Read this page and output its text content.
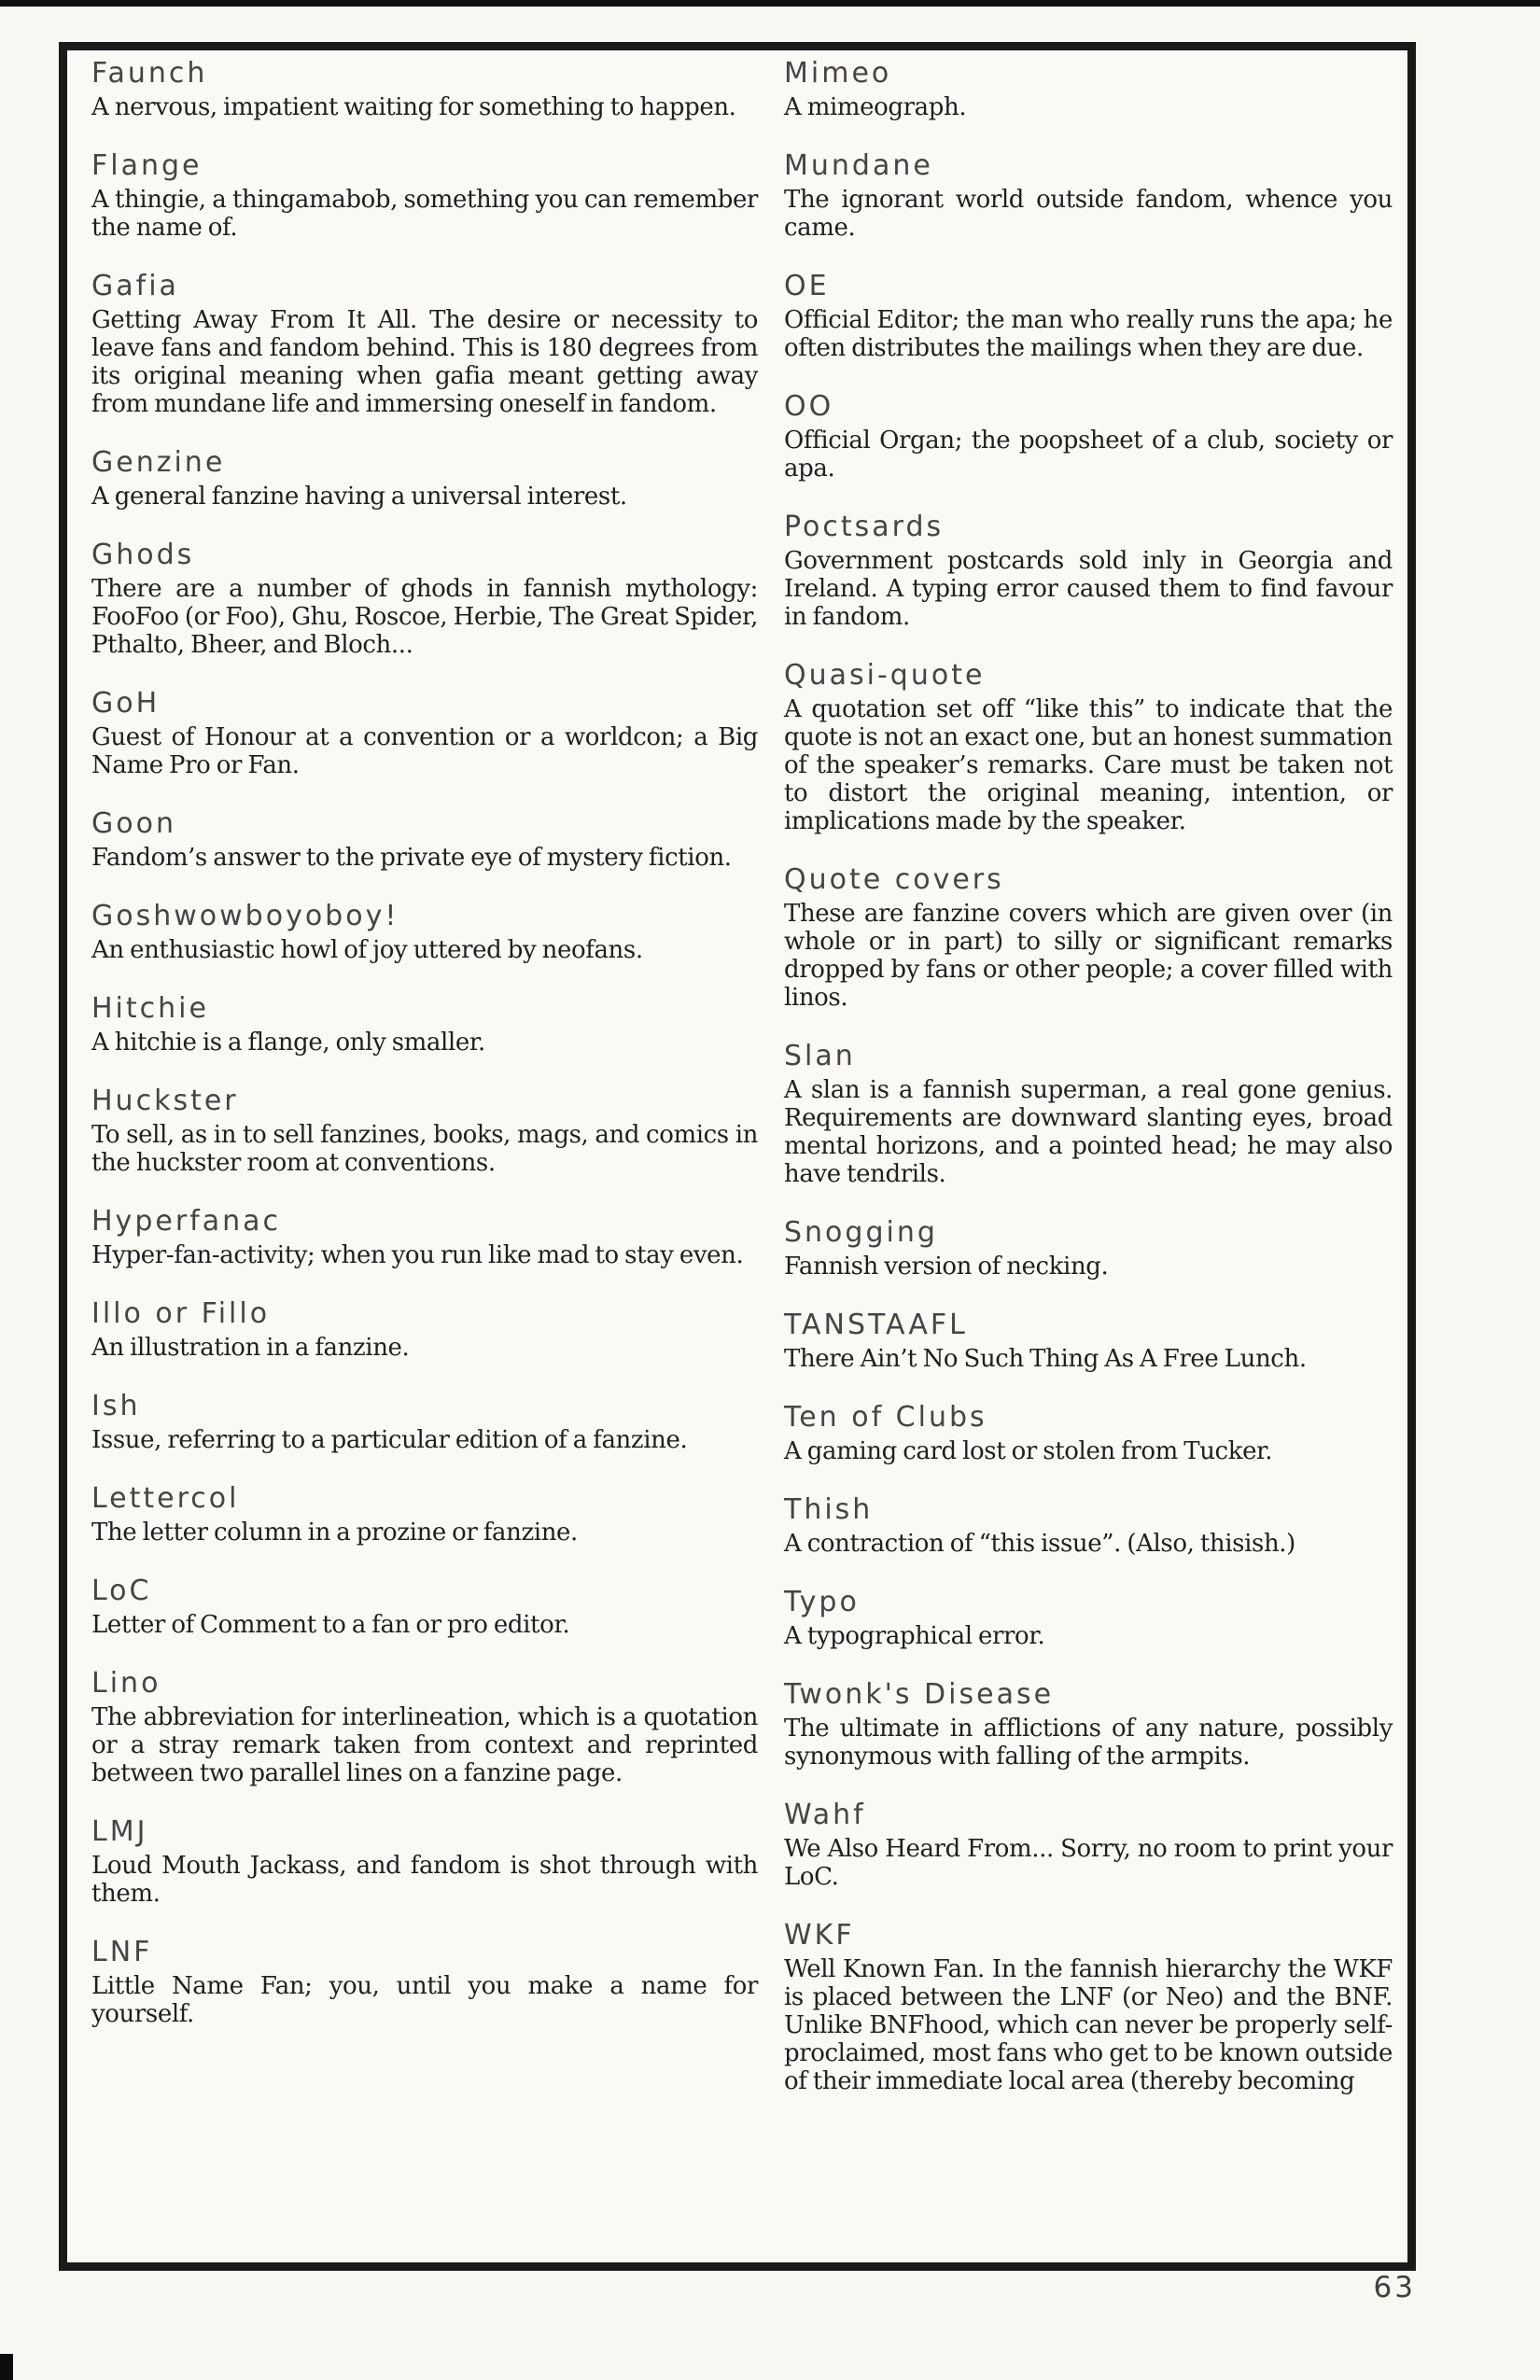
Faunch

A nervous, impatient waiting for something to happen.

Flange

A thingie, a thingamabob, something you can remember the name of.

Gafia

Getting Away From It All. The desire or necessity to leave fans and fandom behind. This is 180 degrees from its original meaning when gafia meant getting away from mundane life and immersing oneself in fandom.

Genzine

A general fanzine having a universal interest.

Ghods

There are a number of ghods in fannish mythology: FooFoo (or Foo), Ghu, Roscoe, Herbie, The Great Spider, Pthalto, Bheer, and Bloch...

GoH

Guest of Honour at a convention or a worldcon; a Big Name Pro or Fan.

Goon

Fandom’s answer to the private eye of mystery fiction.

Goshwowboyoboy!

An enthusiastic howl of joy uttered by neofans.

Hitchie

A hitchie is a flange, only smaller.

Huckster

To sell, as in to sell fanzines, books, mags, and comics in the huckster room at conventions.

Hyperfanac

Hyper-fan-activity; when you run like mad to stay even.

Illo or Fillo

An illustration in a fanzine.

Ish

Issue, referring to a particular edition of a fanzine.

Lettercol

The letter column in a prozine or fanzine.

LoC

Letter of Comment to a fan or pro editor.

Lino

The abbreviation for interlineation, which is a quotation or a stray remark taken from context and reprinted between two parallel lines on a fanzine page.

LMJ

Loud Mouth Jackass, and fandom is shot through with them.

LNF

Little Name Fan; you, until you make a name for yourself.

Mimeo

A mimeograph.

Mundane

The ignorant world outside fandom, whence you came.

OE

Official Editor; the man who really runs the apa; he often distributes the mailings when they are due.

OO

Official Organ; the poopsheet of a club, society or apa.

Poctsards

Government postcards sold inly in Georgia and Ireland. A typing error caused them to find favour in fandom.

Quasi-quote

A quotation set off “like this” to indicate that the quote is not an exact one, but an honest summation of the speaker’s remarks. Care must be taken not to distort the original meaning, intention, or implications made by the speaker.

Quote covers

These are fanzine covers which are given over (in whole or in part) to silly or significant remarks dropped by fans or other people; a cover filled with linos.

Slan

A slan is a fannish superman, a real gone genius. Requirements are downward slanting eyes, broad mental horizons, and a pointed head; he may also have tendrils.

Snogging

Fannish version of necking.

TANSTAAFL

There Ain’t No Such Thing As A Free Lunch.

Ten of Clubs

A gaming card lost or stolen from Tucker.

Thish

A contraction of “this issue”. (Also, thisish.)

Typo

A typographical error.

Twonk's Disease

The ultimate in afflictions of any nature, possibly synonymous with falling of the armpits.

Wahf

We Also Heard From... Sorry, no room to print your LoC.

WKF

Well Known Fan. In the fannish hierarchy the WKF is placed between the LNF (or Neo) and the BNF. Unlike BNFhood, which can never be properly self-proclaimed, most fans who get to be known outside of their immediate local area (thereby becoming

63
